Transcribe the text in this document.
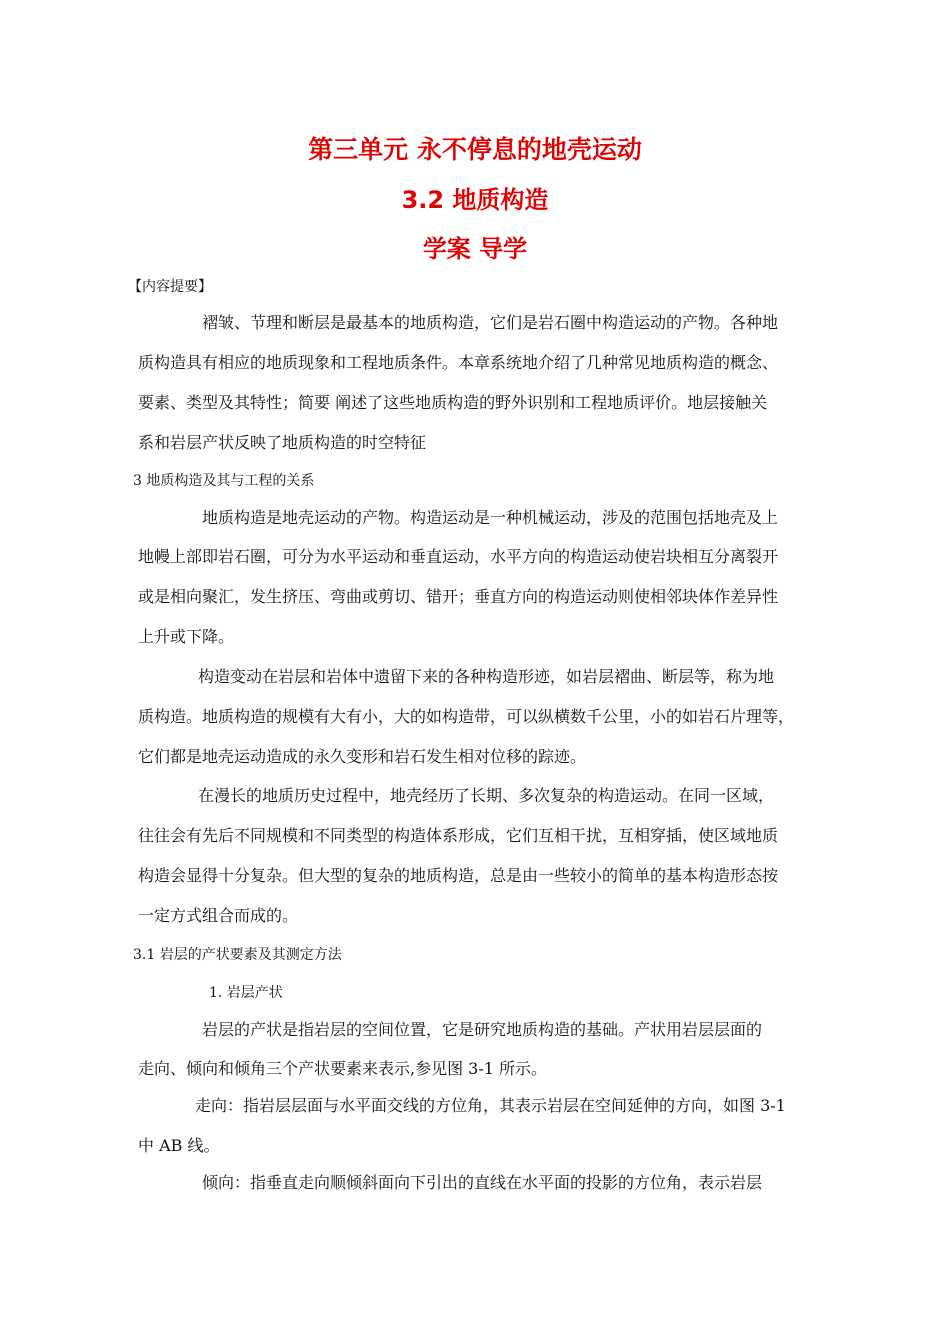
第三单元 永不停息的地壳运动
3.2 地质构造
学案 导学
【内容提要】
褶皱、节理和断层是最基本的地质构造，它们是岩石圈中构造运动的产物。各种地
质构造具有相应的地质现象和工程地质条件。本章系统地介绍了几种常见地质构造的概念、
要素、类型及其特性；简要 阐述了这些地质构造的野外识别和工程地质评价。地层接触关
系和岩层产状反映了地质构造的时空特征
3 地质构造及其与工程的关系
地质构造是地壳运动的产物。构造运动是一种机械运动，涉及的范围包括地壳及上
地幔上部即岩石圈，可分为水平运动和垂直运动，水平方向的构造运动使岩块相互分离裂开
或是相向聚汇，发生挤压、弯曲或剪切、错开；垂直方向的构造运动则使相邻块体作差异性
上升或下降。
构造变动在岩层和岩体中遗留下来的各种构造形迹，如岩层褶曲、断层等，称为地
质构造。地质构造的规模有大有小，大的如构造带，可以纵横数千公里，小的如岩石片理等，
它们都是地壳运动造成的永久变形和岩石发生相对位移的踪迹。
在漫长的地质历史过程中，地壳经历了长期、多次复杂的构造运动。在同一区域，
往往会有先后不同规模和不同类型的构造体系形成，它们互相干扰，互相穿插，使区域地质
构造会显得十分复杂。但大型的复杂的地质构造，总是由一些较小的简单的基本构造形态按
一定方式组合而成的。
3.1 岩层的产状要素及其测定方法
1. 岩层产状
岩层的产状是指岩层的空间位置，它是研究地质构造的基础。产状用岩层层面的
走向、倾向和倾角三个产状要素来表示,参见图 3-1 所示。
走向：指岩层层面与水平面交线的方位角，其表示岩层在空间延伸的方向，如图 3-1
中 AB 线。
倾向：指垂直走向顺倾斜面向下引出的直线在水平面的投影的方位角，表示岩层
